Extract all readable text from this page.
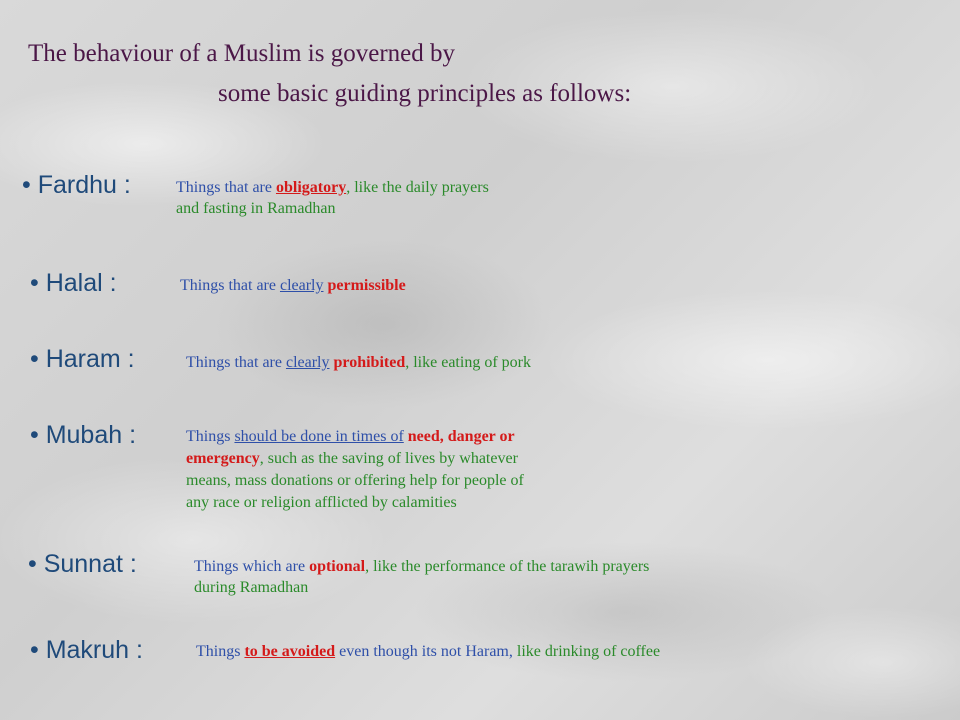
The behaviour of a Muslim is governed by
some basic guiding principles as follows:
• Fardhu :	Things that are obligatory, like the daily prayers
and fasting in Ramadhan
• Halal :	Things that are clearly permissible
• Haram :	Things that are clearly prohibited, like eating of pork
• Mubah :	Things should be done in times of need, danger or
emergency, such as the saving of lives by whatever
means, mass donations or offering help for people of
any race or religion afflicted by calamities
• Sunnat :	Things which are optional, like the performance of the tarawih prayers
during Ramadhan
• Makruh :	Things to be avoided even though its not Haram, like drinking of coffee
